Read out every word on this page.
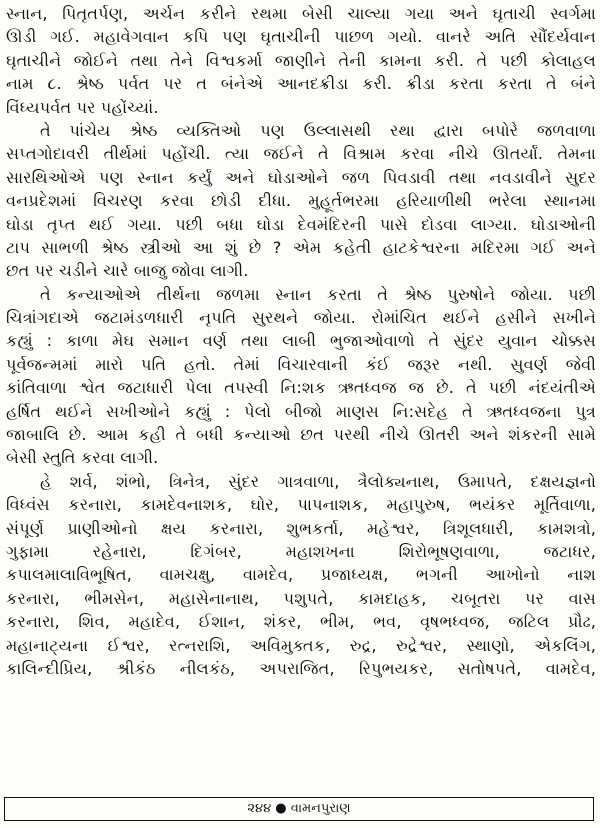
સ્નાન, પિતૃતર્પણ, અર્ચન કરીને રથમા બેસી ચાલ્યા ગયા અને ઘૃતાચી સ્વર્ગમા
ઊડી ગઈ. મહાવેગવાન કપિ પણ ઘૃતાચીની પાછળ ગયો. વાનરે અતિ સૌંદર્યવાન
ઘૃતાચીને જોઈને તથા તેને વિશ્વકર્મા જાણીને તેની કામના કરી. તે પછી કોલાહલ
નામ ૮. શ્રેષ્ઠ પર્વત પર ત બંનેએ આનદક્રીડા કરી. ક્રીડા કરતા કરતા તે બંને
વિંધ્યપર્વત પર પહોંચ્યાં.
તે પાંચેય શ્રેષ્ઠ વ્યક્તિઓ પણ ઉલ્લાસથી રથા દ્વારા બપોરે જળવાળા
સપ્તગોદાવરી તીર્થમાં પહોંચી. ત્યા જઈને તે વિશ્રામ કરવા નીચે ઊતર્યાં. તેમના
સારથિઓએ પણ સ્નાન કર્યું અને ઘોડાઓને જળ પિવડાવી તથા નવડાવીને સુદર
વનપ્રદેશમાં વિચરણ કરવા છોડી દીધા. મુહૂર્તભરમા હરિયાળીથી ભરેલા સ્થાનમા
ઘોડા તૃપ્ત થઈ ગયા. પછી બધા ઘોડા દેવમંદિરની પાસે દોડવા લાગ્યા. ઘોડાઓની
ટાપ સાભળી શ્રેષ્ઠ સ્ત્રીઓ આ શું છે ? એમ કહેતી હાટકેશ્વરના મદિરમા ગઈ અને
છત પર ચડીને ચારે બાજુ જોવા લાગી.
તે કન્યાઓએ તીર્થના જળમા સ્નાન કરતા તે શ્રેષ્ઠ પુરુષોને જોયા. પછી
ચિત્રાંગદાએ જટામંડળધારી નૃપતિ સુરથને જોયા. રોમાંચિત થઈને હસીને સખીને
કહ્યું : કાળા મેઘ સમાન વર્ણ તથા લાબી ભુજાઓવાળો તે સુંદર યુવાન ચોક્કસ
પૂર્વજન્મમાં મારો પતિ હતો. તેમાં વિચારવાની કંઈ જરૂર નથી. સુવર્ણ જેવી
કાંતિવાળા શ્વેત જટાધારી પેલા તપસ્વી નિ:શક ઋતધ્વજ જ છે. તે પછી નંદયંતીએ
હર્ષિત થઈને સખીઓને કહ્યું : પેલો બીજો માણસ નિ:સદેહ તે ઋતધ્વજના પુત્ર
જાબાલિ છે. આમ કહી તે બધી કન્યાઓ છત પરથી નીચે ઊતરી અને શંકરની સામે
બેસી સ્તુતિ કરવા લાગી.
હે શર્વ, શંભો, ત્રિનેત્ર, સુંદર ગાત્રવાળા, ત્રૈલોક્યનાથ, ઉમાપતે, દક્ષયજ્ઞનો
વિધ્વંસ કરનારા, કામદેવનાશક, ઘોર, પાપનાશક, મહાપુરુષ, ભયંકર મૂર્તિવાળા,
સંપૂર્ણ પ્રાણીઓનો ક્ષય કરનારા, શુભકર્તા, મહેશ્વર, ત્રિશૂલધારી, કામશત્રો,
ગુફામા રહેનારા, દિગંબર, મહાશખના શિરોભૂષણવાળા, જટાધર,
કપાલમાલાવિભૂષિત, વામચક્ષુ, વામદેવ, પ્રજાધ્યક્ષ, ભગની આખોનો નાશ
કરનારા, ભીમસેન, મહાસેનાનાથ, પશુપતે, કામદાહક, ચબૂતરા પર વાસ
કરનારા, શિવ, મહાદેવ, ઈશાન, શંકર, ભીમ, ભવ, વૃષભધ્વજ, જટિલ પ્રૌઢ,
મહાનાટ્યના ઈશ્વર, રત્નરાશિ, અવિમુક્તક, રુદ્ર, રુદ્રેશ્વર, સ્થાણો, એકલિંગ,
કાલિન્દીપ્રિય, શ્રીકંઠ નીલકંઠ, અપરાજિત, રિપુભયકર, સતોષપતે, વામદેવ,
૨૪૪ ● વામનપુરાણ
